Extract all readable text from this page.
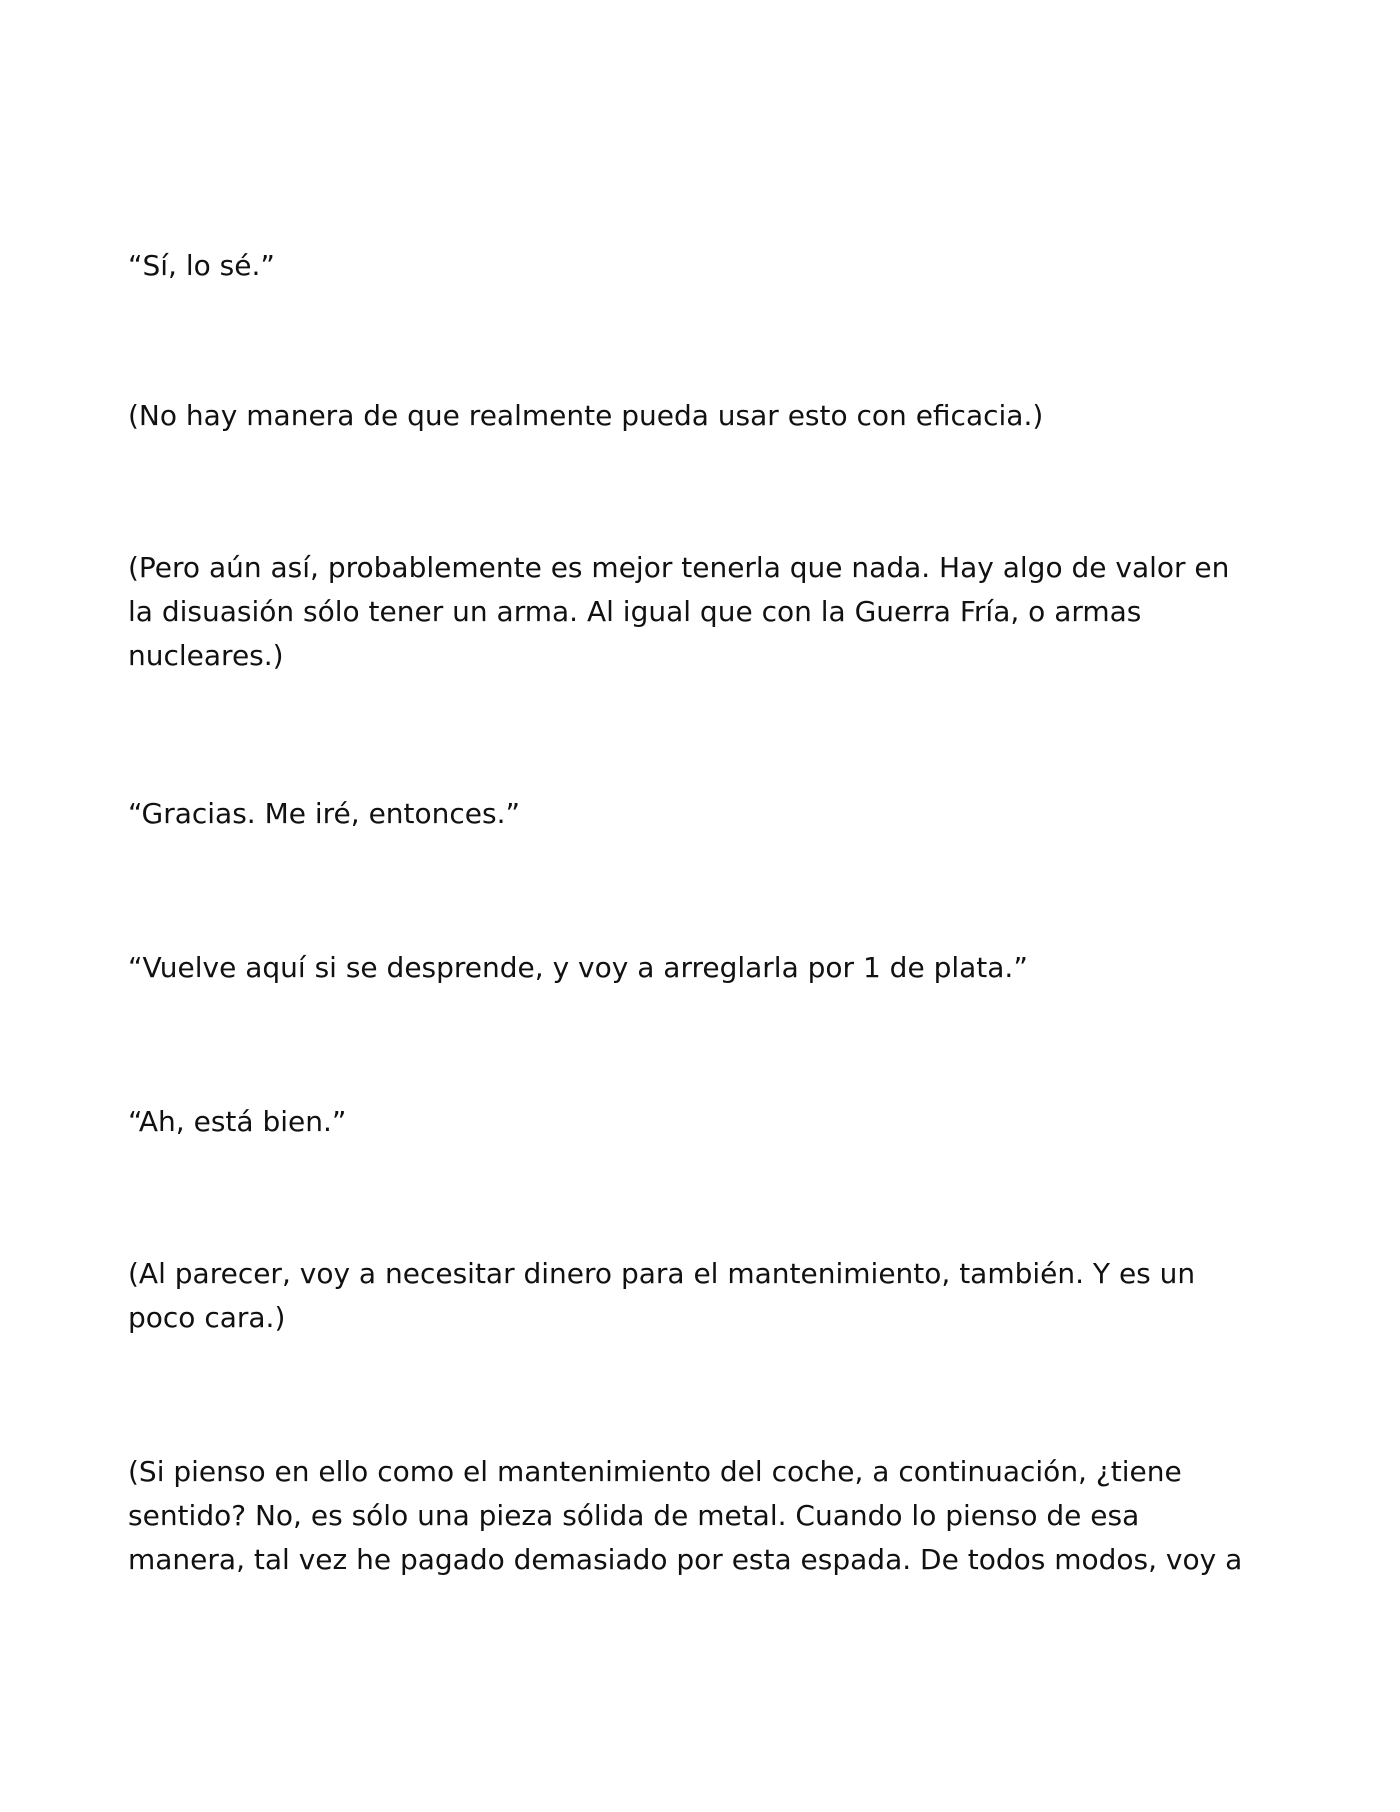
“Sí, lo sé.”

(No hay manera de que realmente pueda usar esto con eficacia.)

(Pero aún así, probablemente es mejor tenerla que nada. Hay algo de valor en
la disuasión sólo tener un arma. Al igual que con la Guerra Fría, o armas
nucleares.)

“Gracias. Me iré, entonces.”

“Vuelve aquí si se desprende, y voy a arreglarla por 1 de plata.”

“Ah, está bien.”

(Al parecer, voy a necesitar dinero para el mantenimiento, también. Y es un
poco cara.)

(Si pienso en ello como el mantenimiento del coche, a continuación, ¿tiene
sentido? No, es sólo una pieza sólida de metal. Cuando lo pienso de esa
manera, tal vez he pagado demasiado por esta espada. De todos modos, voy a
